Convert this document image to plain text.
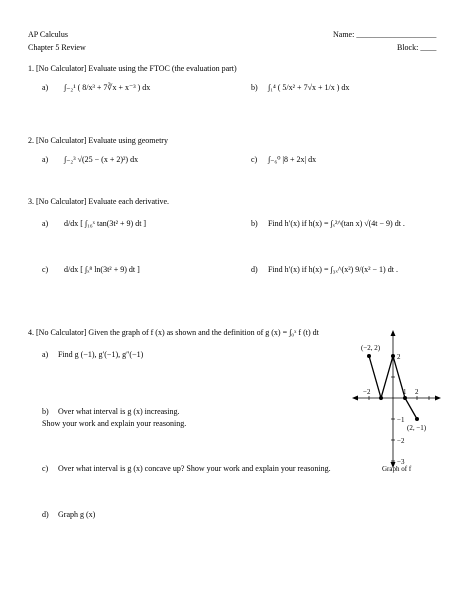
AP Calculus
Chapter 5 Review
Name: ____________________
Block: ____
1. [No Calculator] Evaluate using the FTOC (the evaluation part)
a) ∫₋₂¹ ( 8/x³ + 7∛x + x⁻³ ) dx	b) ∫₁⁴ ( 5/x² + 7√x + 1/x ) dx
2. [No Calculator] Evaluate using geometry
a) ∫₋₂³ √(25 − (x + 2)²) dx	c) ∫₋₆⁰ |8 + 2x| dx
3. [No Calculator] Evaluate each derivative.
a) d/dx [ ∫₁₆ˣ tan(3t² + 9) dt ]	b) Find h′(x) if h(x) = ∫ₓ²^(tan x) √(4t − 9) dt .
c) d/dx [ ∫ₓ⁸ ln(3t² + 9) dt ]	d) Find h′(x) if h(x) = ∫₃ₓ^(x²) 9/(x² − 1) dt .
4. [No Calculator] Given the graph of f (x) as shown and the definition of g (x) = ∫₀ˣ f (t) dt
a) Find g (−1), g′(−1), g″(−1)
b) Over what interval is g (x) increasing.
Show your work and explain your reasoning.
c) Over what interval is g (x) concave up? Show your work and explain your reasoning.
d) Graph g (x)
(−2, 2)
(2, −1)
−2	1 2
2
−1
−2
−3
Graph of f
